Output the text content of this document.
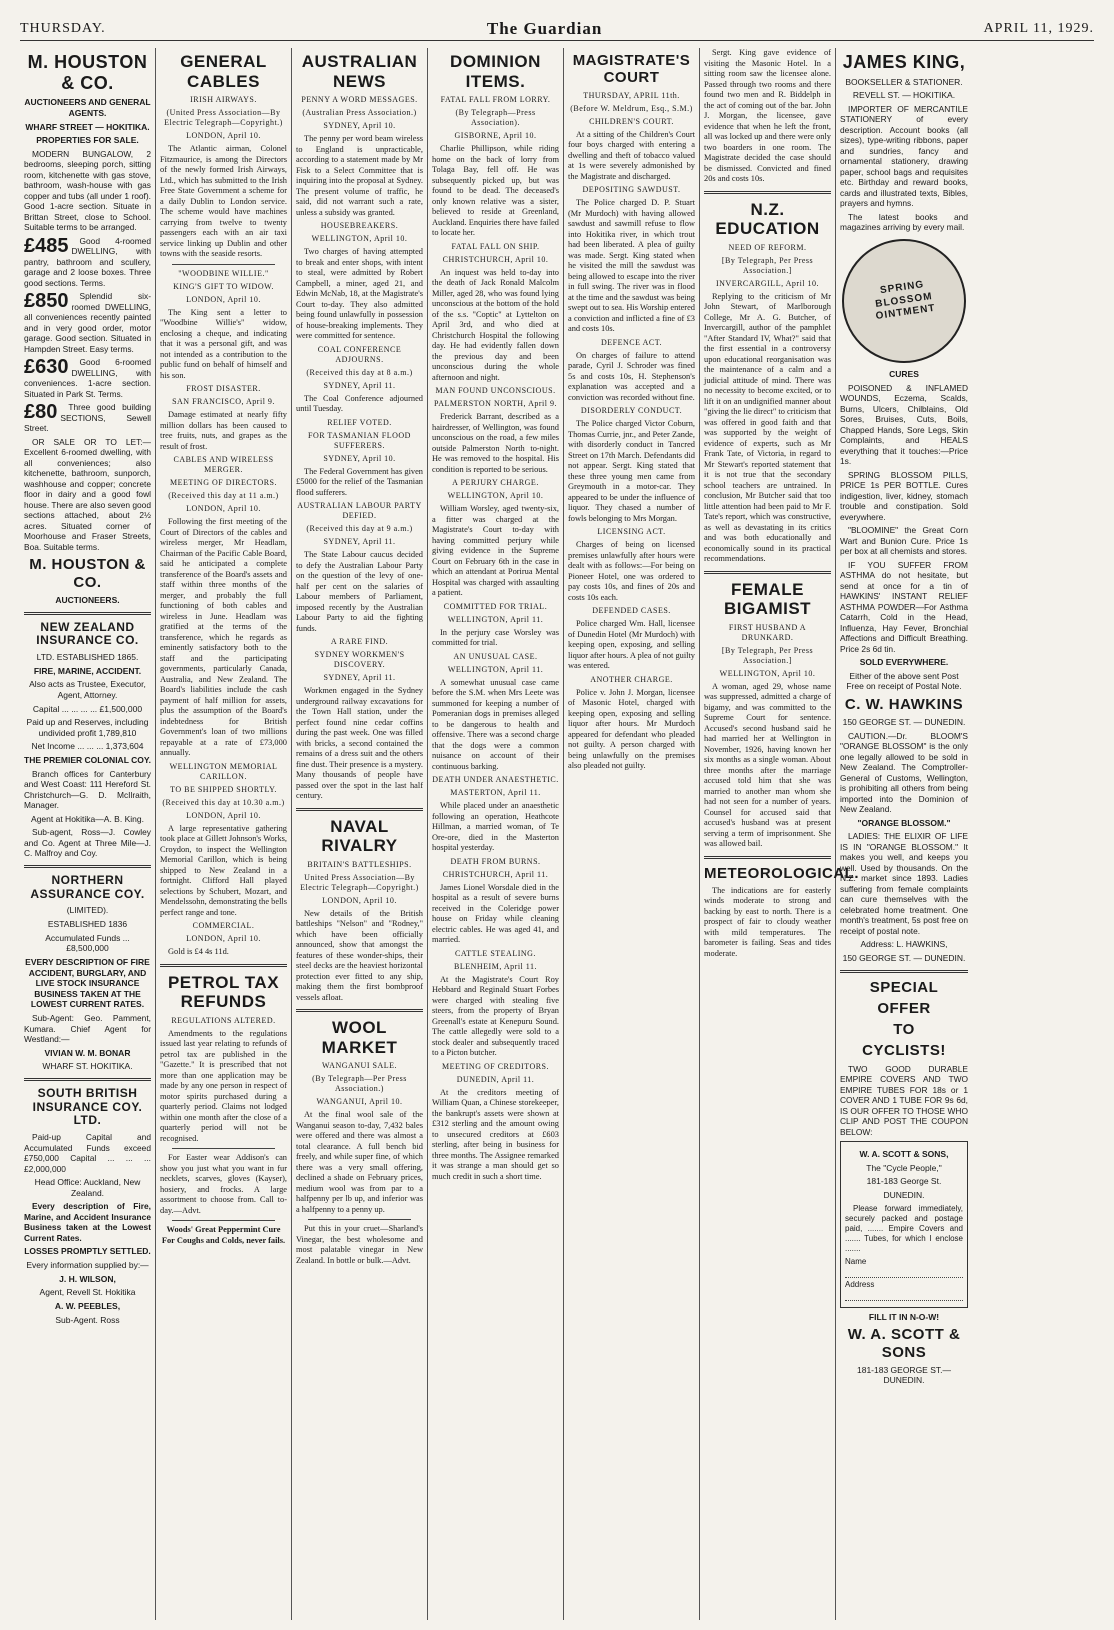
THURSDAY.	The Guardian	APRIL 11, 1929.
M. HOUSTON & CO.
AUCTIONEERS AND GENERAL AGENTS.
WHARF STREET — HOKITIKA.
PROPERTIES FOR SALE.

MODERN BUNGALOW, 2 bedrooms, sleeping porch, sitting room, kitchenette with gas stove, bathroom, wash-house with gas copper and tubs (all under 1 roof). Good 1-acre section. Situate in Brittan Street, close to School. Suitable terms to be arranged.

£485	Good 4-roomed DWELLING, with pantry, bathroom and scullery, garage and 2 loose boxes. Three good sections. Terms.

£850	Splendid six-roomed DWELLING, all conveniences recently painted and in very good order, motor garage. Good section. Situated in Hampden Street. Easy terms.

£630	Good 6-roomed DWELLING, with conveniences. 1-acre section. Situated in Park St. Terms.

£80	Three good building SECTIONS, Sewell Street.

OR SALE OR TO LET:—Excellent 6-roomed dwelling, with all conveniences; also kitchenette, bathroom, sunporch, washhouse and copper; concrete floor in dairy and a good fowl house. There are also seven good sections attached, about 2½ acres. Situated corner of Moorhouse and Fraser Streets, Boa. Suitable terms.

M. HOUSTON & CO.
AUCTIONEERS.
NEW ZEALAND INSURANCE CO.
LTD. ESTABLISHED 1865.
FIRE, MARINE, ACCIDENT.
Also acts as Trustee, Executor, Agent, Attorney.
Capital ... ... ... ... £1,500,000
Paid up and Reserves, including undivided profit 1,789,810
Net Income ... ... ... 1,373,604
THE PREMIER COLONIAL COY.

Branch offices for Canterbury and West Coast: 111 Hereford St. Christchurch—G. D. McIlraith, Manager.

Agent at Hokitika—A. B. King.

Sub-agent, Ross—J. Cowley and Co. Agent at Three Mile—J. C. Malfroy and Coy.

NORTHERN ASSURANCE COY.
(LIMITED).
ESTABLISHED 1836
Accumulated Funds ... £8,500,000
EVERY DESCRIPTION OF FIRE ACCIDENT, BURGLARY, AND LIVE STOCK INSURANCE BUSINESS TAKEN AT THE LOWEST CURRENT RATES.

Sub-Agent: Geo. Pamment, Kumara. Chief Agent for Westland:—

VIVIAN W. M. BONAR
WHARF ST. HOKITIKA.
SOUTH BRITISH INSURANCE COY. LTD.

Paid-up Capital and Accumulated Funds exceed £750,000 Capital ... ... ... £2,000,000

Head Office: Auckland, New Zealand.

Every description of Fire, Marine, and Accident Insurance Business taken at the Lowest Current Rates.

LOSSES PROMPTLY SETTLED.
Every information supplied by:—
J. H. WILSON,
Agent, Revell St. Hokitika
A. W. PEEBLES,
Sub-Agent. Ross
GENERAL CABLES
IRISH AIRWAYS.
(United Press Association—By Electric Telegraph—Copyright.)
LONDON, April 10.

The Atlantic airman, Colonel Fitzmaurice, is among the Directors of the newly formed Irish Airways, Ltd., which has submitted to the Irish Free State Government a scheme for a daily Dublin to London service. The scheme would have machines carrying from twelve to twenty passengers each with an air taxi service linking up Dublin and other towns with the seaside resorts.

"WOODBINE WILLIE."
KING'S GIFT TO WIDOW.
LONDON, April 10.

The King sent a letter to "Woodbine Willie's" widow, enclosing a cheque, and indicating that it was a personal gift, and was not intended as a contribution to the public fund on behalf of himself and his son.

FROST DISASTER.
SAN FRANCISCO, April 9.

Damage estimated at nearly fifty million dollars has been caused to tree fruits, nuts, and grapes as the result of frost.

CABLES AND WIRELESS MERGER.
MEETING OF DIRECTORS.
(Received this day at 11 a.m.)
LONDON, April 10.

Following the first meeting of the Court of Directors of the cables and wireless merger, Mr Headlam, Chairman of the Pacific Cable Board, said he anticipated a complete transference of the Board's assets and staff within three months of the merger, and probably the full functioning of both cables and wireless in June. Headlam was gratified at the terms of the transference, which he regards as eminently satisfactory both to the staff and the participating governments, particularly Canada, Australia, and New Zealand. The Board's liabilities include the cash payment of half million for assets, plus the assumption of the Board's indebtedness for British Government's loan of two millions repayable at a rate of £73,000 annually.

WELLINGTON MEMORIAL CARILLON.
TO BE SHIPPED SHORTLY.
(Received this day at 10.30 a.m.)
LONDON, April 10.

A large representative gathering took place at Gillett Johnson's Works, Croydon, to inspect the Wellington Memorial Carillon, which is being shipped to New Zealand in a fortnight. Clifford Hall played selections by Schubert, Mozart, and Mendelssohn, demonstrating the bells perfect range and tone.

COMMERCIAL.
LONDON, April 10.

Gold is £4 4s 11d.

PETROL TAX REFUNDS
REGULATIONS ALTERED.

Amendments to the regulations issued last year relating to refunds of petrol tax are published in the "Gazette." It is prescribed that not more than one application may be made by any one person in respect of motor spirits purchased during a quarterly period. Claims not lodged within one month after the close of a quarterly period will not be recognised.

For Easter wear Addison's can show you just what you want in fur necklets, scarves, gloves (Kayser), hosiery, and frocks. A large assortment to choose from. Call to-day.—Advt.

Woods' Great Peppermint Cure For Coughs and Colds, never fails.

AUSTRALIAN NEWS
PENNY A WORD MESSAGES.
(Australian Press Association.)
SYDNEY, April 10.

The penny per word beam wireless to England is unpracticable, according to a statement made by Mr Fisk to a Select Committee that is inquiring into the proposal at Sydney. The present volume of traffic, he said, did not warrant such a rate, unless a subsidy was granted.

HOUSEBREAKERS.
WELLINGTON, April 10.

Two charges of having attempted to break and enter shops, with intent to steal, were admitted by Robert Campbell, a miner, aged 21, and Edwin McNab, 18, at the Magistrate's Court to-day. They also admitted being found unlawfully in possession of house-breaking implements. They were committed for sentence.

COAL CONFERENCE ADJOURNS.
(Received this day at 8 a.m.)
SYDNEY, April 11.

The Coal Conference adjourned until Tuesday.

RELIEF VOTED.
FOR TASMANIAN FLOOD SUFFERERS.
SYDNEY, April 10.

The Federal Government has given £5000 for the relief of the Tasmanian flood sufferers.

AUSTRALIAN LABOUR PARTY DEFIED.
(Received this day at 9 a.m.)
SYDNEY, April 11.

The State Labour caucus decided to defy the Australian Labour Party on the question of the levy of one-half per cent on the salaries of Labour members of Parliament, imposed recently by the Australian Labour Party to aid the fighting funds.

A RARE FIND.
SYDNEY WORKMEN'S DISCOVERY.
SYDNEY, April 11.

Workmen engaged in the Sydney underground railway excavations for the Town Hall station, under the perfect found nine cedar coffins during the past week. One was filled with bricks, a second contained the remains of a dress suit and the others fine dust. Their presence is a mystery. Many thousands of people have passed over the spot in the last half century.

NAVAL RIVALRY
BRITAIN'S BATTLESHIPS.
United Press Association—By Electric Telegraph—Copyright.)
LONDON, April 10.

New details of the British battleships "Nelson" and "Rodney," which have been officially announced, show that amongst the features of these wonder-ships, their steel decks are the heaviest horizontal protection ever fitted to any ship, making them the first bombproof vessels afloat.

WOOL MARKET
WANGANUI SALE.
(By Telegraph—Per Press Association.)
WANGANUI, April 10.

At the final wool sale of the Wanganui season to-day, 7,432 bales were offered and there was almost a total clearance. A full bench bid freely, and while super fine, of which there was a very small offering, declined a shade on February prices, medium wool was from par to a halfpenny per lb up, and inferior was a halfpenny to a penny up.

Put this in your cruet—Sharland's Vinegar, the best wholesome and most palatable vinegar in New Zealand. In bottle or bulk.—Advt.

DOMINION ITEMS.
FATAL FALL FROM LORRY.
(By Telegraph—Press Association).
GISBORNE, April 10.

Charlie Phillipson, while riding home on the back of lorry from Tolaga Bay, fell off. He was subsequently picked up, but was found to be dead. The deceased's only known relative was a sister, believed to reside at Greenland, Auckland. Enquiries there have failed to locate her.

FATAL FALL ON SHIP.
CHRISTCHURCH, April 10.

An inquest was held to-day into the death of Jack Ronald Malcolm Miller, aged 28, who was found lying unconscious at the bottom of the hold of the s.s. "Coptic" at Lyttelton on April 3rd, and who died at Christchurch Hospital the following day. He had evidently fallen down the previous day and been unconscious during the whole afternoon and night.

MAN FOUND UNCONSCIOUS.
PALMERSTON NORTH, April 9.

Frederick Barrant, described as a hairdresser, of Wellington, was found unconscious on the road, a few miles outside Palmerston North to-night. He was removed to the hospital. His condition is reported to be serious.

A PERJURY CHARGE.
WELLINGTON, April 10.

William Worsley, aged twenty-six, a fitter was charged at the Magistrate's Court to-day with having committed perjury while giving evidence in the Supreme Court on February 6th in the case in which an attendant at Porirua Mental Hospital was charged with assaulting a patient.

COMMITTED FOR TRIAL.
WELLINGTON, April 11.

In the perjury case Worsley was committed for trial.

AN UNUSUAL CASE.
WELLINGTON, April 11.

A somewhat unusual case came before the S.M. when Mrs Leete was summoned for keeping a number of Pomeranian dogs in premises alleged to be dangerous to health and offensive. There was a second charge that the dogs were a common nuisance on account of their continuous barking.

DEATH UNDER ANAESTHETIC.
MASTERTON, April 11.

While placed under an anaesthetic following an operation, Heathcote Hillman, a married woman, of Te Ore-ore, died in the Masterton hospital yesterday.

DEATH FROM BURNS.
CHRISTCHURCH, April 11.

James Lionel Worsdale died in the hospital as a result of severe burns received in the Coleridge power house on Friday while cleaning electric cables. He was aged 41, and married.

CATTLE STEALING.
BLENHEIM, April 11.

At the Magistrate's Court Roy Hebbard and Reginald Stuart Forbes were charged with stealing five steers, from the property of Bryan Greenall's estate at Kenepuru Sound. The cattle allegedly were sold to a stock dealer and subsequently traced to a Picton butcher.

MEETING OF CREDITORS.
DUNEDIN, April 11.

At the creditors meeting of William Quan, a Chinese storekeeper, the bankrupt's assets were shown at £312 sterling and the amount owing to unsecured creditors at £603 sterling, after being in business for three months. The Assignee remarked it was strange a man should get so much credit in such a short time.

MAGISTRATE'S COURT
THURSDAY, APRIL 11th.
(Before W. Meldrum, Esq., S.M.)
CHILDREN'S COURT.

At a sitting of the Children's Court four boys charged with entering a dwelling and theft of tobacco valued at 1s were severely admonished by the Magistrate and discharged.

DEPOSITING SAWDUST.

The Police charged D. P. Stuart (Mr Murdoch) with having allowed sawdust and sawmill refuse to flow into Hokitika river, in which trout had been liberated. A plea of guilty was made. Sergt. King stated when he visited the mill the sawdust was being allowed to escape into the river in full swing. The river was in flood at the time and the sawdust was being swept out to sea. His Worship entered a conviction and inflicted a fine of £3 and costs 10s.

DEFENCE ACT.

On charges of failure to attend parade, Cyril J. Schroder was fined 5s and costs 10s, H. Stephenson's explanation was accepted and a conviction was recorded without fine.

DISORDERLY CONDUCT.

The Police charged Victor Coburn, Thomas Currie, jnr., and Peter Zande, with disorderly conduct in Tancred Street on 17th March. Defendants did not appear. Sergt. King stated that these three young men came from Greymouth in a motor-car. They appeared to be under the influence of liquor. They chased a number of fowls belonging to Mrs Morgan.

LICENSING ACT.

Charges of being on licensed premises unlawfully after hours were dealt with as follows:—For being on Pioneer Hotel, one was ordered to pay costs 10s, and fines of 20s and costs 10s each.

DEFENDED CASES.

Police charged Wm. Hall, licensee of Dunedin Hotel (Mr Murdoch) with keeping open, exposing, and selling liquor after hours. A plea of not guilty was entered.

ANOTHER CHARGE.

Police v. John J. Morgan, licensee of Masonic Hotel, charged with keeping open, exposing and selling liquor after hours. Mr Murdoch appeared for defendant who pleaded not guilty. A person charged with being unlawfully on the premises also pleaded not guilty.

Sergt. King gave evidence of visiting the Masonic Hotel. In a sitting room saw the licensee alone. Passed through two rooms and there found two men and R. Biddelph in the act of coming out of the bar. John J. Morgan, the licensee, gave evidence that when he left the front, all was locked up and there were only two boarders in one room. The Magistrate decided the case should be dismissed. Convicted and fined 20s and costs 10s.

N.Z. EDUCATION
NEED OF REFORM.
[By Telegraph, Per Press Association.]
INVERCARGILL, April 10.

Replying to the criticism of Mr John Stewart, of Marlborough College, Mr A. G. Butcher, of Invercargill, author of the pamphlet "After Standard IV, What?" said that the first essential in a controversy upon educational reorganisation was the maintenance of a calm and a judicial attitude of mind. There was no necessity to become excited, or to lift it on an undignified manner about "giving the lie direct" to criticism that was offered in good faith and that was supported by the weight of evidence of experts, such as Mr Frank Tate, of Victoria, in regard to Mr Stewart's reported statement that it is not true that the secondary school teachers are untrained. In conclusion, Mr Butcher said that too little attention had been paid to Mr F. Tate's report, which was constructive, as well as devastating in its critics and was both educationally and economically sound in its practical recommendations.

FEMALE BIGAMIST
FIRST HUSBAND A DRUNKARD.
[By Telegraph, Per Press Association.]
WELLINGTON, April 10.

A woman, aged 29, whose name was suppressed, admitted a charge of bigamy, and was committed to the Supreme Court for sentence. Accused's second husband said he had married her at Wellington in November, 1926, having known her six months as a single woman. About three months after the marriage accused told him that she was married to another man whom she had not seen for a number of years. Counsel for accused said that accused's husband was at present serving a term of imprisonment. She was allowed bail.

METEOROLOGICAL.

The indications are for easterly winds moderate to strong and backing by east to north. There is a prospect of fair to cloudy weather with mild temperatures. The barometer is failing. Seas and tides moderate.

JAMES KING,
BOOKSELLER & STATIONER.
REVELL ST. — HOKITIKA.

IMPORTER OF MERCANTILE STATIONERY of every description. Account books (all sizes), type-writing ribbons, paper and sundries, fancy and ornamental stationery, drawing paper, school bags and requisites etc. Birthday and reward books, cards and illustrated texts, Bibles, prayers and hymns.

The latest books and magazines arriving by every mail.

SPRING BLOSSOM OINTMENT
CURES

POISONED & INFLAMED WOUNDS, Eczema, Scalds, Burns, Ulcers, Chilblains, Old Sores, Bruises, Cuts, Boils, Chapped Hands, Sore Legs, Skin Complaints, and HEALS everything that it touches:—Price 1s.

SPRING BLOSSOM PILLS, PRICE 1s PER BOTTLE. Cures indigestion, liver, kidney, stomach trouble and constipation. Sold everywhere.

"BLOOMINE" the Great Corn Wart and Bunion Cure. Price 1s per box at all chemists and stores.

IF YOU SUFFER FROM ASTHMA do not hesitate, but send at once for a tin of HAWKINS' INSTANT RELIEF ASTHMA POWDER—For Asthma Catarrh, Cold in the Head, Influenza, Hay Fever, Bronchial Affections and Difficult Breathing. Price 2s 6d tin.

SOLD EVERYWHERE.
Either of the above sent Post Free on receipt of Postal Note.
C. W. HAWKINS
150 GEORGE ST. — DUNEDIN.

CAUTION.—Dr. BLOOM'S "ORANGE BLOSSOM" is the only one legally allowed to be sold in New Zealand. The Comptroller-General of Customs, Wellington, is prohibiting all others from being imported into the Dominion of New Zealand.

"ORANGE BLOSSOM."

LADIES: THE ELIXIR OF LIFE IS IN "ORANGE BLOSSOM." It makes you well, and keeps you well. Used by thousands. On the N.Z. market since 1893. Ladies suffering from female complaints can cure themselves with the celebrated home treatment. One month's treatment, 5s post free on receipt of postal note.

Address: L. HAWKINS,
150 GEORGE ST. — DUNEDIN.
SPECIAL
OFFER
TO
CYCLISTS!

TWO GOOD DURABLE EMPIRE COVERS AND TWO EMPIRE TUBES FOR 18s or 1 COVER AND 1 TUBE FOR 9s 6d, IS OUR OFFER TO THOSE WHO CLIP AND POST THE COUPON BELOW:

W. A. SCOTT & SONS,
The "Cycle People,"
181-183 George St.
DUNEDIN.

Please forward immediately, securely packed and postage paid, ....... Empire Covers and ....... Tubes, for which I enclose .......

Name
Address
FILL IT IN N-O-W!
W. A. SCOTT & SONS
181-183 GEORGE ST.—DUNEDIN.
